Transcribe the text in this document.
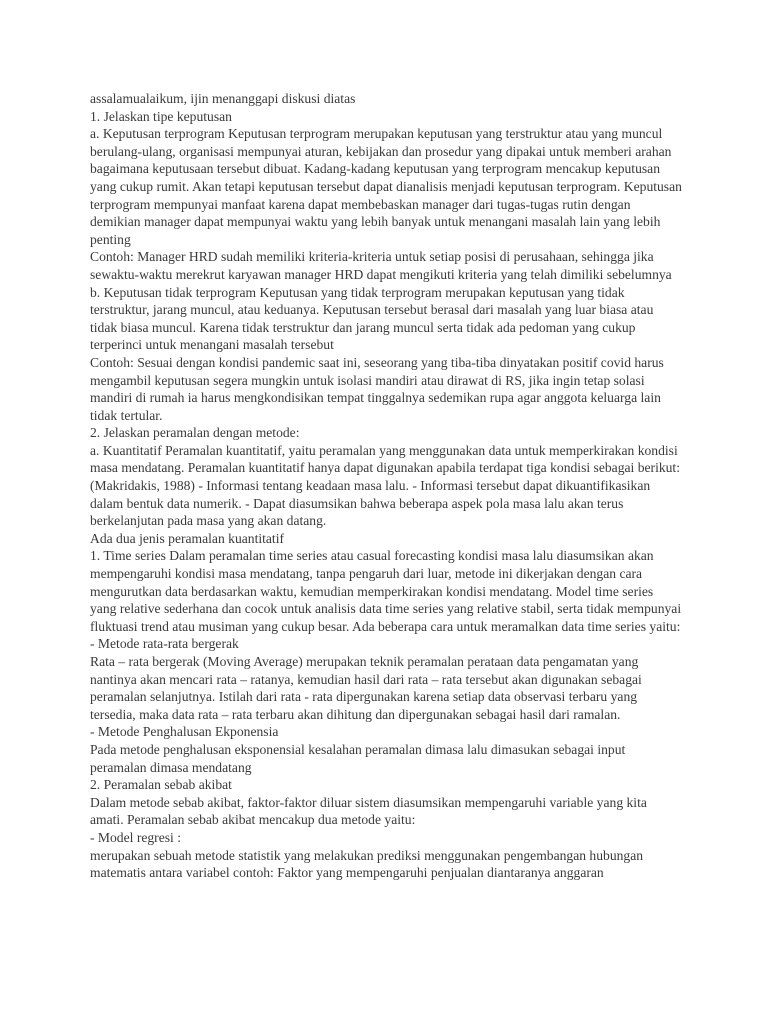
assalamualaikum, ijin menanggapi diskusi diatas

1. Jelaskan tipe keputusan

a. Keputusan terprogram Keputusan terprogram merupakan keputusan yang terstruktur atau yang muncul berulang-ulang, organisasi mempunyai aturan, kebijakan dan prosedur yang dipakai untuk memberi arahan bagaimana keputusaan tersebut dibuat. Kadang-kadang keputusan yang terprogram mencakup keputusan yang cukup rumit. Akan tetapi keputusan tersebut dapat dianalisis menjadi keputusan terprogram. Keputusan terprogram mempunyai manfaat karena dapat membebaskan manager dari tugas-tugas rutin dengan demikian manager dapat mempunyai waktu yang lebih banyak untuk menangani masalah lain yang lebih penting

Contoh: Manager HRD sudah memiliki kriteria-kriteria untuk setiap posisi di perusahaan, sehingga jika sewaktu-waktu merekrut karyawan manager HRD dapat mengikuti kriteria yang telah dimiliki sebelumnya

b. Keputusan tidak terprogram Keputusan yang tidak terprogram merupakan keputusan yang tidak terstruktur, jarang muncul, atau keduanya. Keputusan tersebut berasal dari masalah yang luar biasa atau tidak biasa muncul. Karena tidak terstruktur dan jarang muncul serta tidak ada pedoman yang cukup terperinci untuk menangani masalah tersebut

Contoh: Sesuai dengan kondisi pandemic saat ini, seseorang yang tiba-tiba dinyatakan positif covid harus mengambil keputusan segera mungkin untuk isolasi mandiri atau dirawat di RS, jika ingin tetap solasi mandiri di rumah ia harus mengkondisikan tempat tinggalnya sedemikan rupa agar anggota keluarga lain tidak tertular.

2. Jelaskan peramalan dengan metode:

a. Kuantitatif Peramalan kuantitatif, yaitu peramalan yang menggunakan data untuk memperkirakan kondisi masa mendatang. Peramalan kuantitatif hanya dapat digunakan apabila terdapat tiga kondisi sebagai berikut: (Makridakis, 1988) - Informasi tentang keadaan masa lalu. - Informasi tersebut dapat dikuantifikasikan dalam bentuk data numerik. - Dapat diasumsikan bahwa beberapa aspek pola masa lalu akan terus berkelanjutan pada masa yang akan datang.

Ada dua jenis peramalan kuantitatif

1. Time series Dalam peramalan time series atau casual forecasting kondisi masa lalu diasumsikan akan mempengaruhi kondisi masa mendatang, tanpa pengaruh dari luar, metode ini dikerjakan dengan cara mengurutkan data berdasarkan waktu, kemudian memperkirakan kondisi mendatang. Model time series yang relative sederhana dan cocok untuk analisis data time series yang relative stabil, serta tidak mempunyai fluktuasi trend atau musiman yang cukup besar. Ada beberapa cara untuk meramalkan data time series yaitu:

- Metode rata-rata bergerak

Rata – rata bergerak (Moving Average) merupakan teknik peramalan perataan data pengamatan yang nantinya akan mencari rata – ratanya, kemudian hasil dari rata – rata tersebut akan digunakan sebagai peramalan selanjutnya. Istilah dari rata - rata dipergunakan karena setiap data observasi terbaru yang tersedia, maka data rata – rata terbaru akan dihitung dan dipergunakan sebagai hasil dari ramalan.

- Metode Penghalusan Ekponensia

Pada metode penghalusan eksponensial kesalahan peramalan dimasa lalu dimasukan sebagai input peramalan dimasa mendatang

2. Peramalan sebab akibat

Dalam metode sebab akibat, faktor-faktor diluar sistem diasumsikan mempengaruhi variable yang kita amati. Peramalan sebab akibat mencakup dua metode yaitu:

- Model regresi :

merupakan sebuah metode statistik yang melakukan prediksi menggunakan pengembangan hubungan matematis antara variabel contoh: Faktor yang mempengaruhi penjualan diantaranya anggaran
